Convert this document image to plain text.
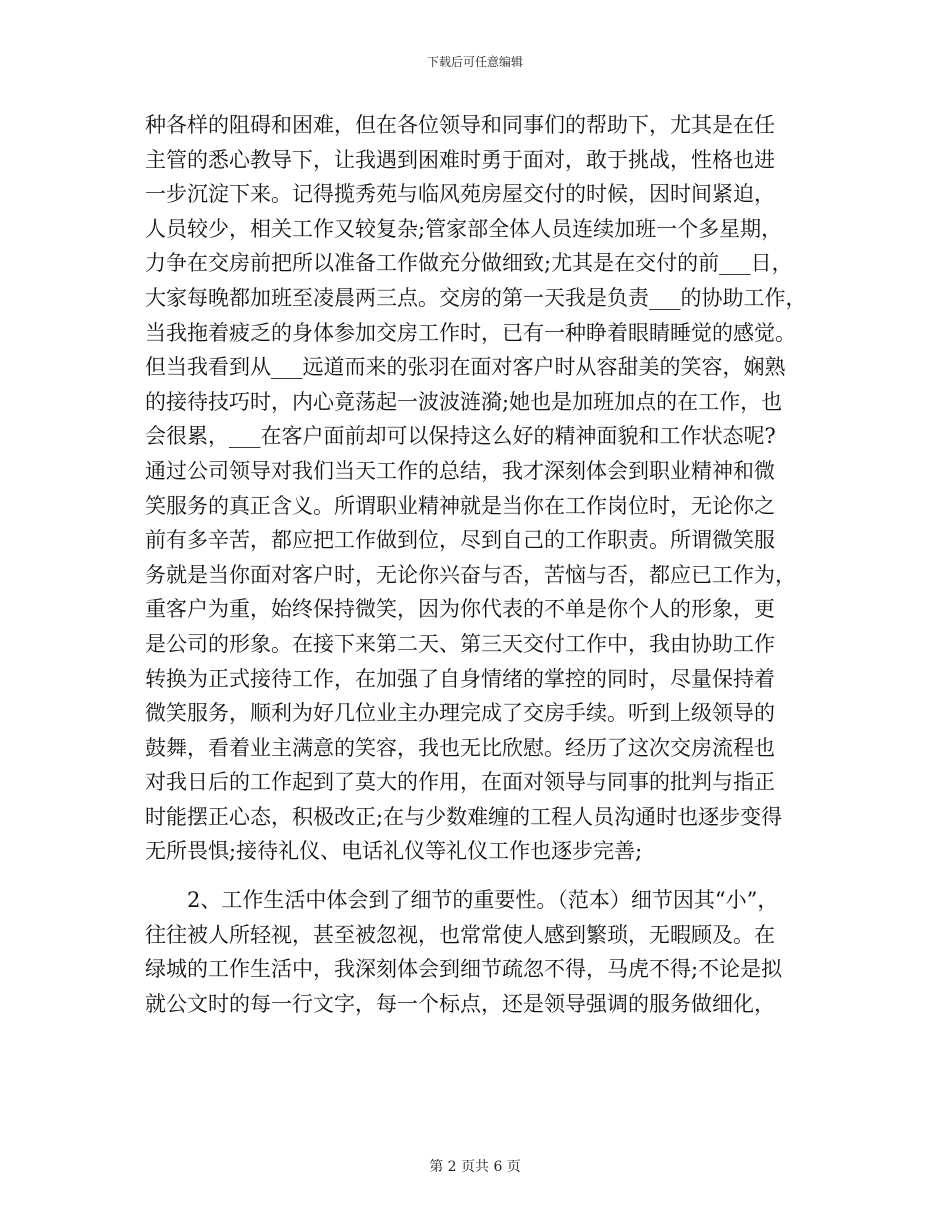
下载后可任意编辑
种各样的阻碍和困难，但在各位领导和同事们的帮助下，尤其是在任
主管的悉心教导下，让我遇到困难时勇于面对，敢于挑战，性格也进
一步沉淀下来。记得揽秀苑与临风苑房屋交付的时候，因时间紧迫，
人员较少，相关工作又较复杂;管家部全体人员连续加班一个多星期，
力争在交房前把所以准备工作做充分做细致;尤其是在交付的前___日，
大家每晚都加班至凌晨两三点。交房的第一天我是负责___的协助工作，
当我拖着疲乏的身体参加交房工作时，已有一种睁着眼睛睡觉的感觉。
但当我看到从___远道而来的张羽在面对客户时从容甜美的笑容，娴熟
的接待技巧时，内心竟荡起一波波涟漪;她也是加班加点的在工作，也
会很累，___在客户面前却可以保持这么好的精神面貌和工作状态呢?
通过公司领导对我们当天工作的总结，我才深刻体会到职业精神和微
笑服务的真正含义。所谓职业精神就是当你在工作岗位时，无论你之
前有多辛苦，都应把工作做到位，尽到自己的工作职责。所谓微笑服
务就是当你面对客户时，无论你兴奋与否，苦恼与否，都应已工作为，
重客户为重，始终保持微笑，因为你代表的不单是你个人的形象，更
是公司的形象。在接下来第二天、第三天交付工作中，我由协助工作
转换为正式接待工作，在加强了自身情绪的掌控的同时，尽量保持着
微笑服务，顺利为好几位业主办理完成了交房手续。听到上级领导的
鼓舞，看着业主满意的笑容，我也无比欣慰。经历了这次交房流程也
对我日后的工作起到了莫大的作用，在面对领导与同事的批判与指正
时能摆正心态，积极改正;在与少数难缠的工程人员沟通时也逐步变得
无所畏惧;接待礼仪、电话礼仪等礼仪工作也逐步完善;
2、工作生活中体会到了细节的重要性。（范本）细节因其“小”，
往往被人所轻视，甚至被忽视，也常常使人感到繁琐，无暇顾及。在
绿城的工作生活中，我深刻体会到细节疏忽不得，马虎不得;不论是拟
就公文时的每一行文字，每一个标点，还是领导强调的服务做细化，
第 2 页共 6 页
